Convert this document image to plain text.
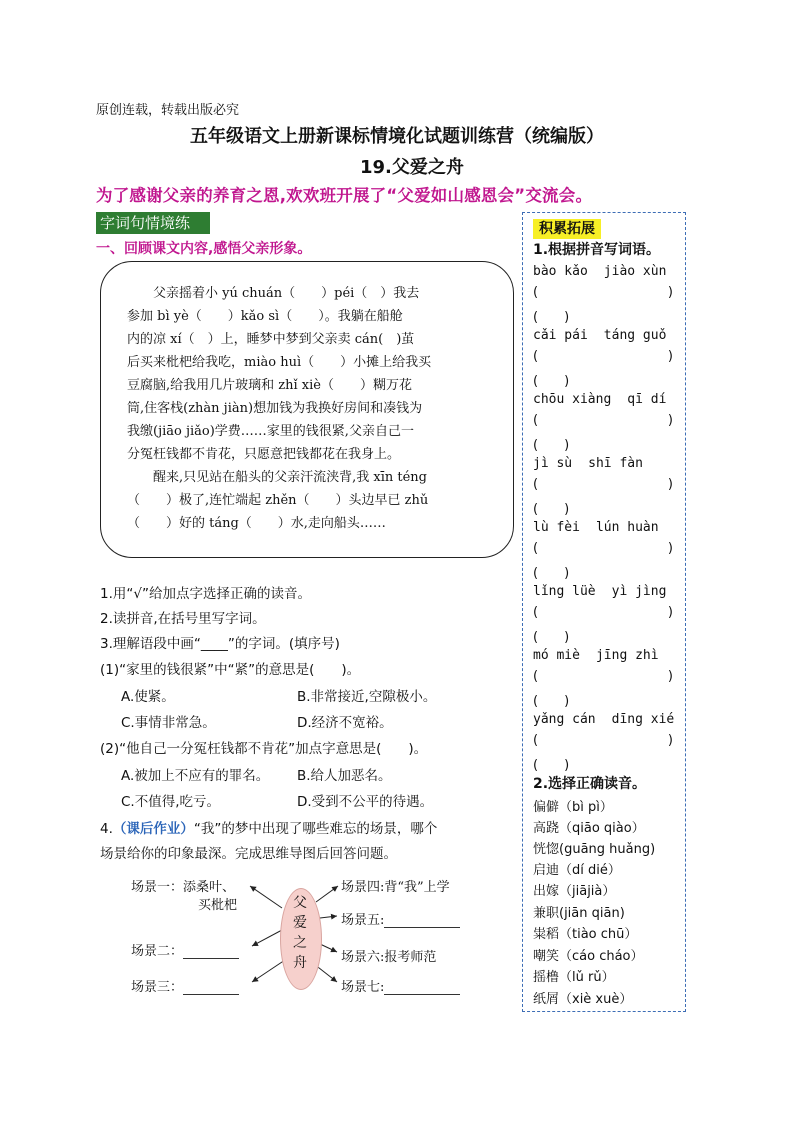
原创连载，转载出版必究
五年级语文上册新课标情境化试题训练营（统编版）
19.父爱之舟
为了感谢父亲的养育之恩,欢欢班开展了“父爱如山感恩会”交流会。
字词句情境练
一、回顾课文内容,感悟父亲形象。

父亲摇着小 yú chuán（　　）péi（　）我去

参加 bì yè（　　）kǎo sì（　　）。我躺在船舱
内的凉 xí（　）上，睡梦中梦到父亲卖 cán(　)茧
后买来枇杷给我吃，miào huì（　　）小摊上给我买
豆腐脑,给我用几片玻璃和 zhǐ xiè（　　）糊万花
筒,住客栈(zhàn jiàn)想加钱为我换好房间和凑钱为
我缴(jiāo jiǎo)学费……家里的钱很紧,父亲自己一
分冤枉钱都不肯花，只愿意把钱都花在我身上。

醒来,只见站在船头的父亲汗流浃背,我 xīn téng

（　　）极了,连忙端起 zhěn（　　）头边早已 zhǔ
（　　）好的 táng（　　）水,走向船头……
1.用“√”给加点字选择正确的读音。
2.读拼音,在括号里写字词。
3.理解语段中画“____”的字词。(填序号)
(1)“家里的钱很紧”中“紧”的意思是(　　)。
A.使紧。	B.非常接近,空隙极小。
C.事情非常急。	D.经济不宽裕。
(2)“他自己一分冤枉钱都不肯花”加点字意思是(　　)。
A.被加上不应有的罪名。 B.给人加恶名。
C.不值得,吃亏。	D.受到不公平的待遇。
4.（课后作业）“我”的梦中出现了哪些难忘的场景，哪个
场景给你的印象最深。完成思维导图后回答问题。
父爱之舟
场景一：添桑叶、
买枇杷
场景二：
场景三：
场景四:背“我”上学
场景五:
场景六:报考师范
场景七:
积累拓展
1.根据拼音写词语。
bào kǎo jiào xùn
(	)
(　　)
cǎi pái táng guǒ
(	)
(　　)
chōu xiàng qī dí
(	)
(　　)
jì sù shī fàn
(	)
(　　)
lù fèi lún huàn
(	)
(　　)
lǐng lüè yì jìng
(	)
(　　)
mó miè jīng zhì
(	)
(　　)
yǎng cán dīng xié
(	)
(　　)
2.选择正确读音。
偏僻（bì pì）
高跷（qiāo qiào）
恍惚(guāng huǎng)
启迪（dí dié）
出嫁（jiājià）
兼职(jiān qiān)
粜稻（tiào chū）
嘲笑（cáo cháo）
摇橹（lǔ rǔ）
纸屑（xiè xuè）
